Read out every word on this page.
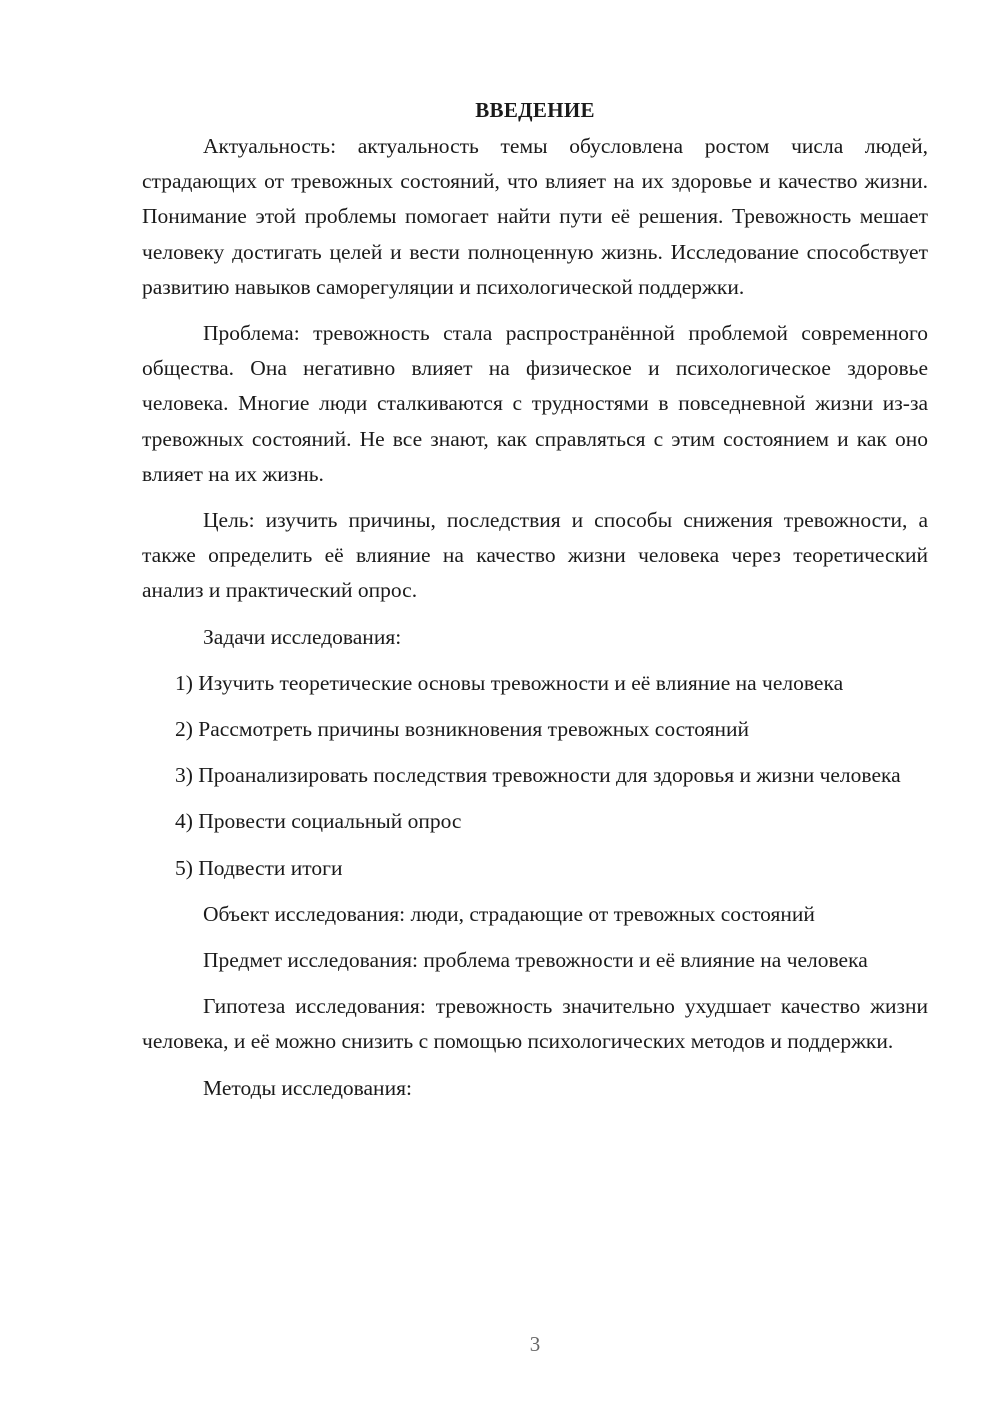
ВВЕДЕНИЕ

Актуальность: актуальность темы обусловлена ростом числа людей, страдающих от тревожных состояний, что влияет на их здоровье и качество жизни. Понимание этой проблемы помогает найти пути её решения. Тревожность мешает человеку достигать целей и вести полноценную жизнь. Исследование способствует развитию навыков саморегуляции и психологической поддержки.

Проблема: тревожность стала распространённой проблемой современного общества. Она негативно влияет на физическое и психологическое здоровье человека. Многие люди сталкиваются с трудностями в повседневной жизни из-за тревожных состояний. Не все знают, как справляться с этим состоянием и как оно влияет на их жизнь.

Цель: изучить причины, последствия и способы снижения тревожности, а также определить её влияние на качество жизни человека через теоретический анализ и практический опрос.

Задачи исследования:

1) Изучить теоретические основы тревожности и её влияние на человека

2) Рассмотреть причины возникновения тревожных состояний

3) Проанализировать последствия тревожности для здоровья и жизни человека

4) Провести социальный опрос

5) Подвести итоги

Объект исследования: люди, страдающие от тревожных состояний

Предмет исследования: проблема тревожности и её влияние на человека

Гипотеза исследования: тревожность значительно ухудшает качество жизни человека, и её можно снизить с помощью психологических методов и поддержки.

Методы исследования:

3
